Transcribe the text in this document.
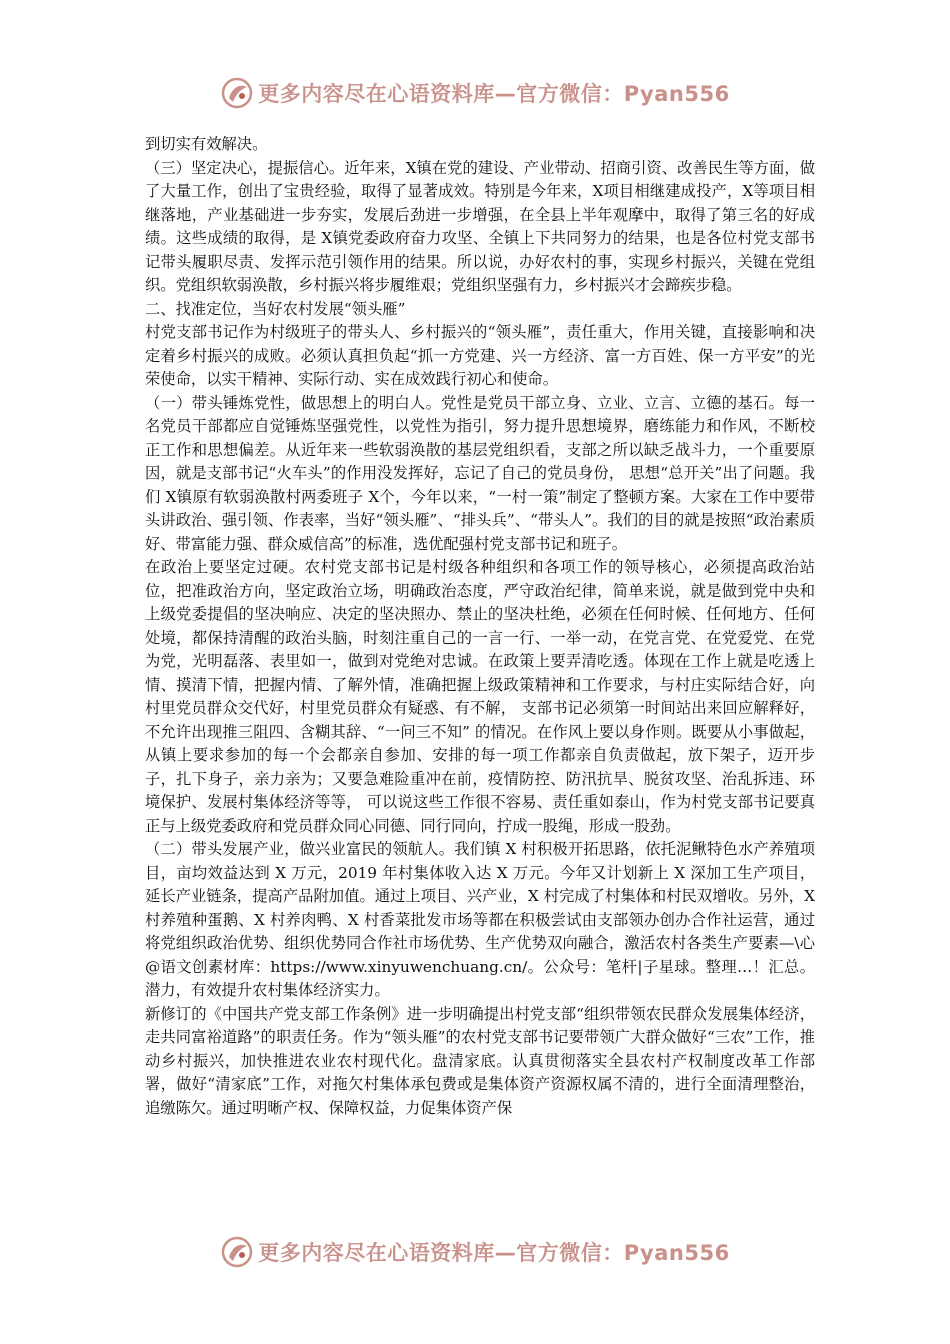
更多内容尽在心语资料库—官方微信：Pyan556

到切实有效解决。

（三）坚定决心，提振信心。近年来，X镇在党的建设、产业带动、招商引资、改善民生等方面，做了大量工作，创出了宝贵经验，取得了显著成效。特别是今年来，X项目相继建成投产，X等项目相继落地，产业基础进一步夯实，发展后劲进一步增强，在全县上半年观摩中，取得了第三名的好成绩。这些成绩的取得，是 X镇党委政府奋力攻坚、全镇上下共同努力的结果，也是各位村党支部书记带头履职尽责、发挥示范引领作用的结果。所以说，办好农村的事，实现乡村振兴，关键在党组织。党组织软弱涣散，乡村振兴将步履维艰；党组织坚强有力，乡村振兴才会蹄疾步稳。

二、找准定位，当好农村发展“领头雁”

村党支部书记作为村级班子的带头人、乡村振兴的“领头雁”，责任重大，作用关键，直接影响和决定着乡村振兴的成败。必须认真担负起“抓一方党建、兴一方经济、富一方百姓、保一方平安”的光荣使命，以实干精神、实际行动、实在成效践行初心和使命。

（一）带头锤炼党性，做思想上的明白人。党性是党员干部立身、立业、立言、立德的基石。每一名党员干部都应自觉锤炼坚强党性，以党性为指引，努力提升思想境界，磨练能力和作风，不断校正工作和思想偏差。从近年来一些软弱涣散的基层党组织看，支部之所以缺乏战斗力，一个重要原因，就是支部书记“火车头”的作用没发挥好，忘记了自己的党员身份， 思想“总开关”出了问题。我们 X镇原有软弱涣散村两委班子 X个，今年以来，“一村一策”制定了整顿方案。大家在工作中要带头讲政治、强引领、作表率，当好“领头雁”、“排头兵”、“带头人”。我们的目的就是按照“政治素质好、带富能力强、群众威信高”的标准，选优配强村党支部书记和班子。

在政治上要坚定过硬。农村党支部书记是村级各种组织和各项工作的领导核心，必须提高政治站位，把准政治方向，坚定政治立场，明确政治态度，严守政治纪律，简单来说，就是做到党中央和上级党委提倡的坚决响应、决定的坚决照办、禁止的坚决杜绝，必须在任何时候、任何地方、任何处境，都保持清醒的政治头脑，时刻注重自己的一言一行、一举一动，在党言党、在党爱党、在党为党，光明磊落、表里如一，做到对党绝对忠诚。在政策上要弄清吃透。体现在工作上就是吃透上情、摸清下情，把握内情、了解外情，准确把握上级政策精神和工作要求，与村庄实际结合好，向村里党员群众交代好，村里党员群众有疑惑、有不解， 支部书记必须第一时间站出来回应解释好，不允许出现推三阻四、含糊其辞、“一问三不知” 的情况。在作风上要以身作则。既要从小事做起，从镇上要求参加的每一个会都亲自参加、安排的每一项工作都亲自负责做起，放下架子，迈开步子，扎下身子，亲力亲为；又要急难险重冲在前，疫情防控、防汛抗旱、脱贫攻坚、治乱拆违、环境保护、发展村集体经济等等， 可以说这些工作很不容易、责任重如泰山，作为村党支部书记要真正与上级党委政府和党员群众同心同德、同行同向，拧成一股绳，形成一股劲。

（二）带头发展产业，做兴业富民的领航人。我们镇 X 村积极开拓思路，依托泥鳅特色水产养殖项目，亩均效益达到 X 万元，2019 年村集体收入达 X 万元。今年又计划新上 X 深加工生产项目，延长产业链条，提高产品附加值。通过上项目、兴产业，X 村完成了村集体和村民双增收。另外，X 村养殖种蛋鹅、X 村养肉鸭、X 村香菜批发市场等都在积极尝试由支部领办创办合作社运营，通过将党组织政治优势、组织优势同合作社市场优势、生产优势双向融合，激活农村各类生产要素—\心@语文创素材库：https://www.xinyuwenchuang.cn/。公众号：笔杆|子星球。整理…！汇总。潜力，有效提升农村集体经济实力。

新修订的《中国共产党支部工作条例》进一步明确提出村党支部“组织带领农民群众发展集体经济，走共同富裕道路”的职责任务。作为“领头雁”的农村党支部书记要带领广大群众做好“三农”工作，推动乡村振兴，加快推进农业农村现代化。盘清家底。认真贯彻落实全县农村产权制度改革工作部署，做好“清家底”工作，对拖欠村集体承包费或是集体资产资源权属不清的，进行全面清理整治，追缴陈欠。通过明晰产权、保障权益，力促集体资产保

更多内容尽在心语资料库—官方微信：Pyan556
